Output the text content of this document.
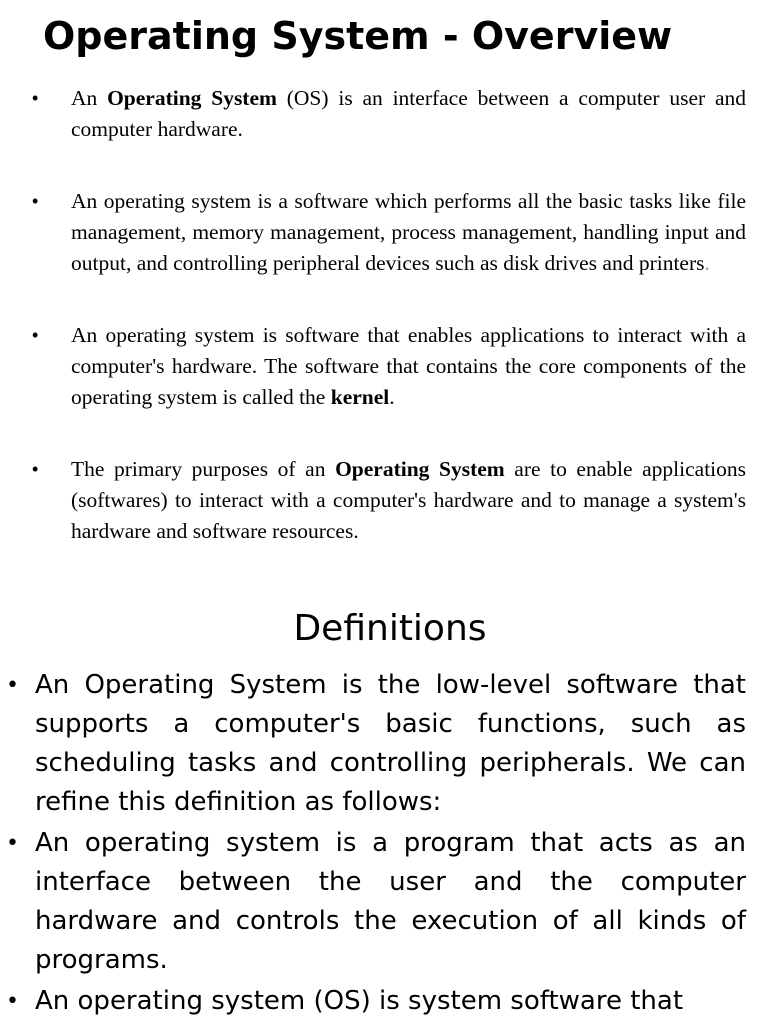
Operating System - Overview
• An Operating System (OS) is an interface between a computer user and computer hardware.

• An operating system is a software which performs all the basic tasks like file management, memory management, process management, handling input and output, and controlling peripheral devices such as disk drives and printers.

• An operating system is software that enables applications to interact with a computer's hardware. The software that contains the core components of the operating system is called the kernel.

• The primary purposes of an Operating System are to enable applications (softwares) to interact with a computer's hardware and to manage a system's hardware and software resources.

Definitions
• An Operating System is the low-level software that supports a computer's basic functions, such as scheduling tasks and controlling peripherals. We can refine this definition as follows:

• An operating system is a program that acts as an interface between the user and the computer hardware and controls the execution of all kinds of programs.

• An operating system (OS) is system software that
